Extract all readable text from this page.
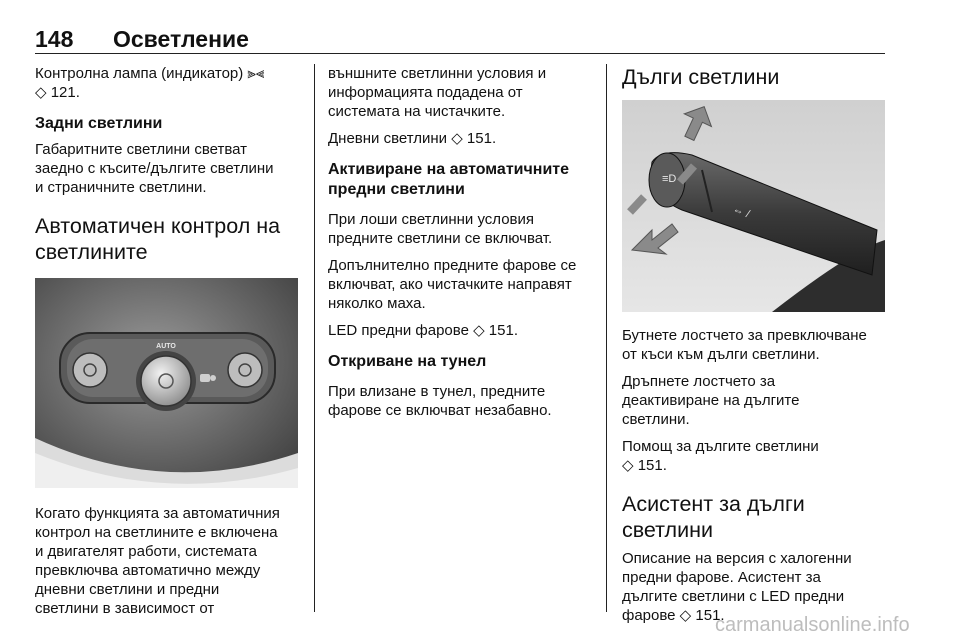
148 Осветление

Контролна лампа (индикатор) ⫸⫷
◇ 121.

Задни светлини

Габаритните светлини светват
заедно с късите/дългите светлини
и страничните светлини.

Автоматичен контрол на
светлините
AUTO

Когато функцията за автоматичния
контрол на светлините е включена
и двигателят работи, системата
превключва автоматично между
дневни светлини и предни
светлини в зависимост от

външните светлинни условия и
информацията подадена от
системата на чистачките.

Дневни светлини ◇ 151.

Активиране на автоматичните
предни светлини

При лоши светлинни условия
предните светлини се включват.

Допълнително предните фарове се
включват, ако чистачките направят
няколко маха.

LED предни фарове ◇ 151.

Откриване на тунел

При влизане в тунел, предните
фарове се включват незабавно.

Дълги светлини
≡D
⇔ /

Бутнете лостчето за превключване
от къси към дълги светлини.

Дръпнете лостчето за
деактивиране на дългите
светлини.

Помощ за дългите светлини
◇ 151.

Асистент за дълги
светлини

Описание на версия с халогенни
предни фарове. Асистент за
дългите светлини с LED предни
фарове ◇ 151.

carmanualsonline.info
